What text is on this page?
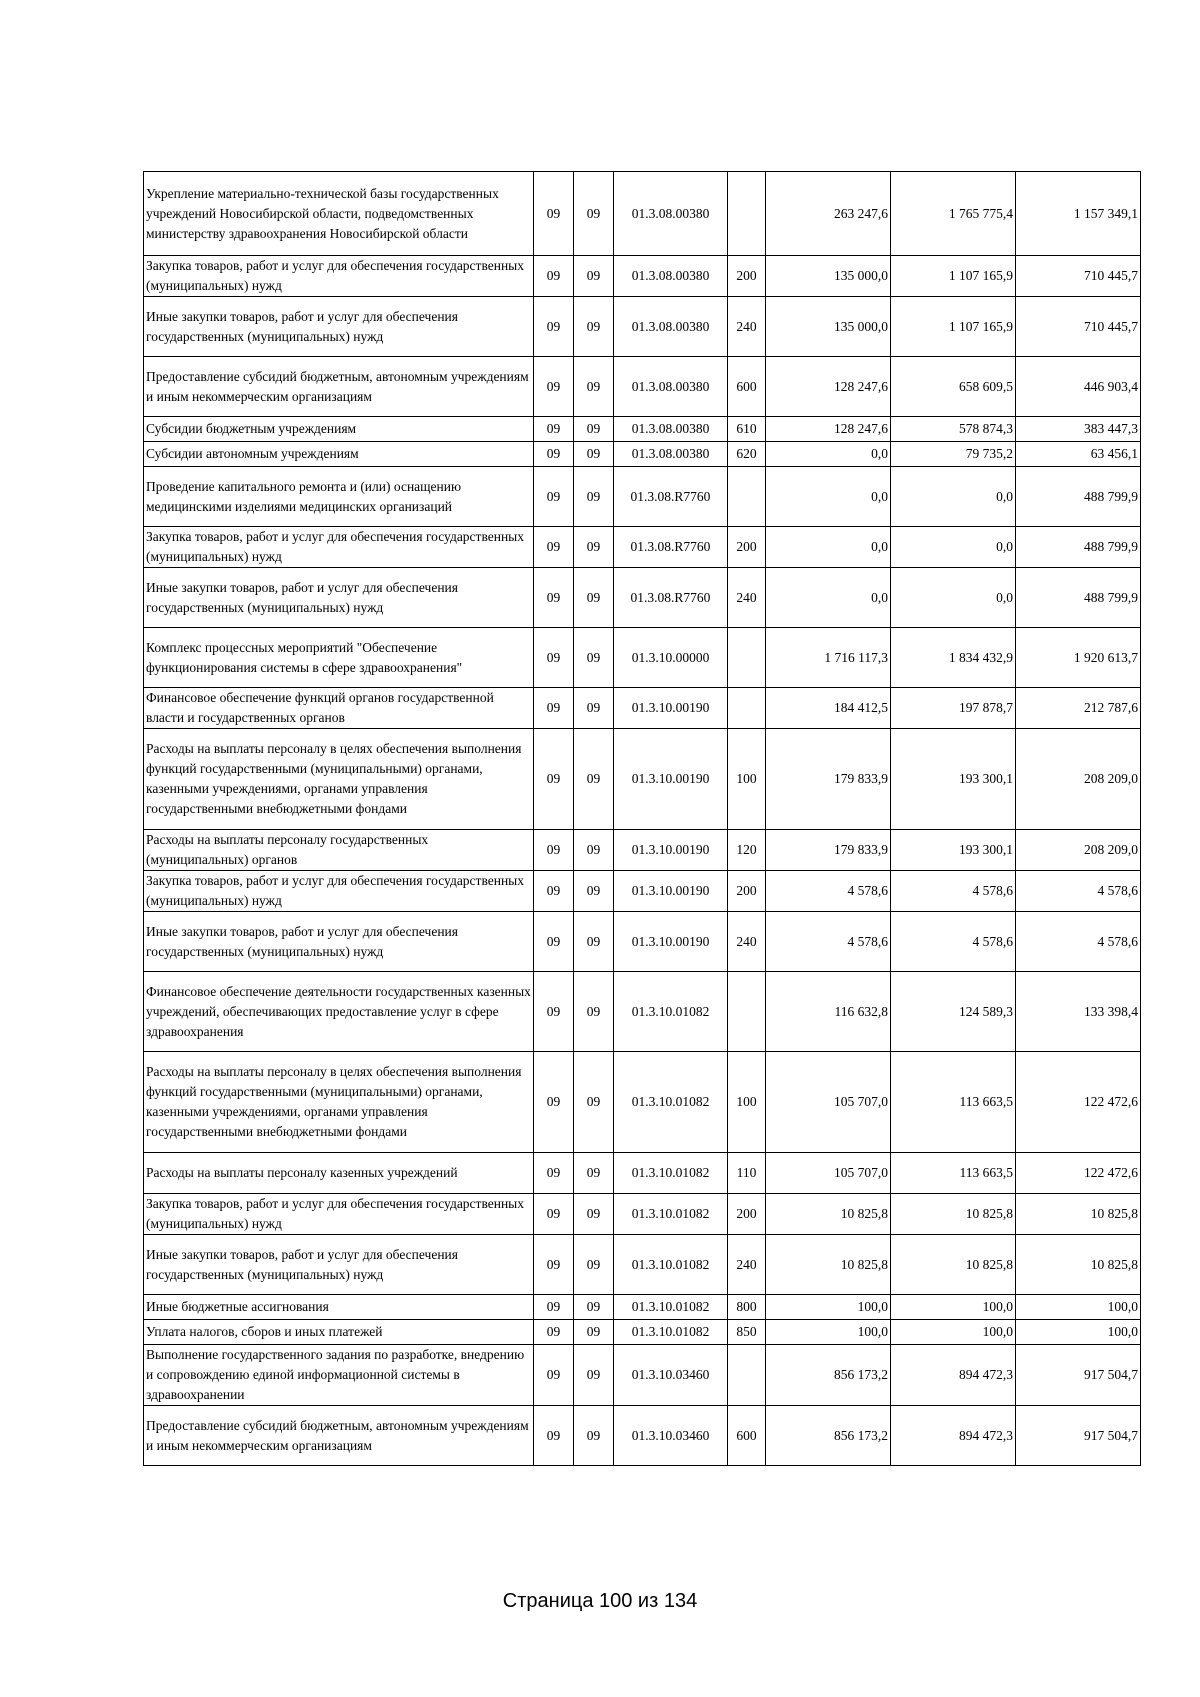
Укрепление материально-технической базы государственных учреждений Новосибирской области, подведомственных министерству здравоохранения Новосибирской области	09	09	01.3.08.00380		263 247,6	1 765 775,4	1 157 349,1
Закупка товаров, работ и услуг для обеспечения государственных (муниципальных) нужд	09	09	01.3.08.00380	200	135 000,0	1 107 165,9	710 445,7
Иные закупки товаров, работ и услуг для обеспечения государственных (муниципальных) нужд	09	09	01.3.08.00380	240	135 000,0	1 107 165,9	710 445,7
Предоставление субсидий бюджетным, автономным учреждениям и иным некоммерческим организациям	09	09	01.3.08.00380	600	128 247,6	658 609,5	446 903,4
Субсидии бюджетным учреждениям	09	09	01.3.08.00380	610	128 247,6	578 874,3	383 447,3
Субсидии автономным учреждениям	09	09	01.3.08.00380	620	0,0	79 735,2	63 456,1
Проведение капитального ремонта и (или) оснащению медицинскими изделиями медицинских организаций	09	09	01.3.08.R7760		0,0	0,0	488 799,9
Закупка товаров, работ и услуг для обеспечения государственных (муниципальных) нужд	09	09	01.3.08.R7760	200	0,0	0,0	488 799,9
Иные закупки товаров, работ и услуг для обеспечения государственных (муниципальных) нужд	09	09	01.3.08.R7760	240	0,0	0,0	488 799,9
Комплекс процессных мероприятий "Обеспечение функционирования системы в сфере здравоохранения"	09	09	01.3.10.00000		1 716 117,3	1 834 432,9	1 920 613,7
Финансовое обеспечение функций органов государственной власти и государственных органов	09	09	01.3.10.00190		184 412,5	197 878,7	212 787,6
Расходы на выплаты персоналу в целях обеспечения выполнения функций государственными (муниципальными) органами, казенными учреждениями, органами управления государственными внебюджетными фондами	09	09	01.3.10.00190	100	179 833,9	193 300,1	208 209,0
Расходы на выплаты персоналу государственных (муниципальных) органов	09	09	01.3.10.00190	120	179 833,9	193 300,1	208 209,0
Закупка товаров, работ и услуг для обеспечения государственных (муниципальных) нужд	09	09	01.3.10.00190	200	4 578,6	4 578,6	4 578,6
Иные закупки товаров, работ и услуг для обеспечения государственных (муниципальных) нужд	09	09	01.3.10.00190	240	4 578,6	4 578,6	4 578,6
Финансовое обеспечение деятельности государственных казенных учреждений, обеспечивающих предоставление услуг в сфере здравоохранения	09	09	01.3.10.01082		116 632,8	124 589,3	133 398,4
Расходы на выплаты персоналу в целях обеспечения выполнения функций государственными (муниципальными) органами, казенными учреждениями, органами управления государственными внебюджетными фондами	09	09	01.3.10.01082	100	105 707,0	113 663,5	122 472,6
Расходы на выплаты персоналу казенных учреждений	09	09	01.3.10.01082	110	105 707,0	113 663,5	122 472,6
Закупка товаров, работ и услуг для обеспечения государственных (муниципальных) нужд	09	09	01.3.10.01082	200	10 825,8	10 825,8	10 825,8
Иные закупки товаров, работ и услуг для обеспечения государственных (муниципальных) нужд	09	09	01.3.10.01082	240	10 825,8	10 825,8	10 825,8
Иные бюджетные ассигнования	09	09	01.3.10.01082	800	100,0	100,0	100,0
Уплата налогов, сборов и иных платежей	09	09	01.3.10.01082	850	100,0	100,0	100,0
Выполнение государственного задания по разработке, внедрению и сопровождению единой информационной системы в здравоохранении	09	09	01.3.10.03460		856 173,2	894 472,3	917 504,7
Предоставление субсидий бюджетным, автономным учреждениям и иным некоммерческим организациям	09	09	01.3.10.03460	600	856 173,2	894 472,3	917 504,7
Страница 100 из 134
